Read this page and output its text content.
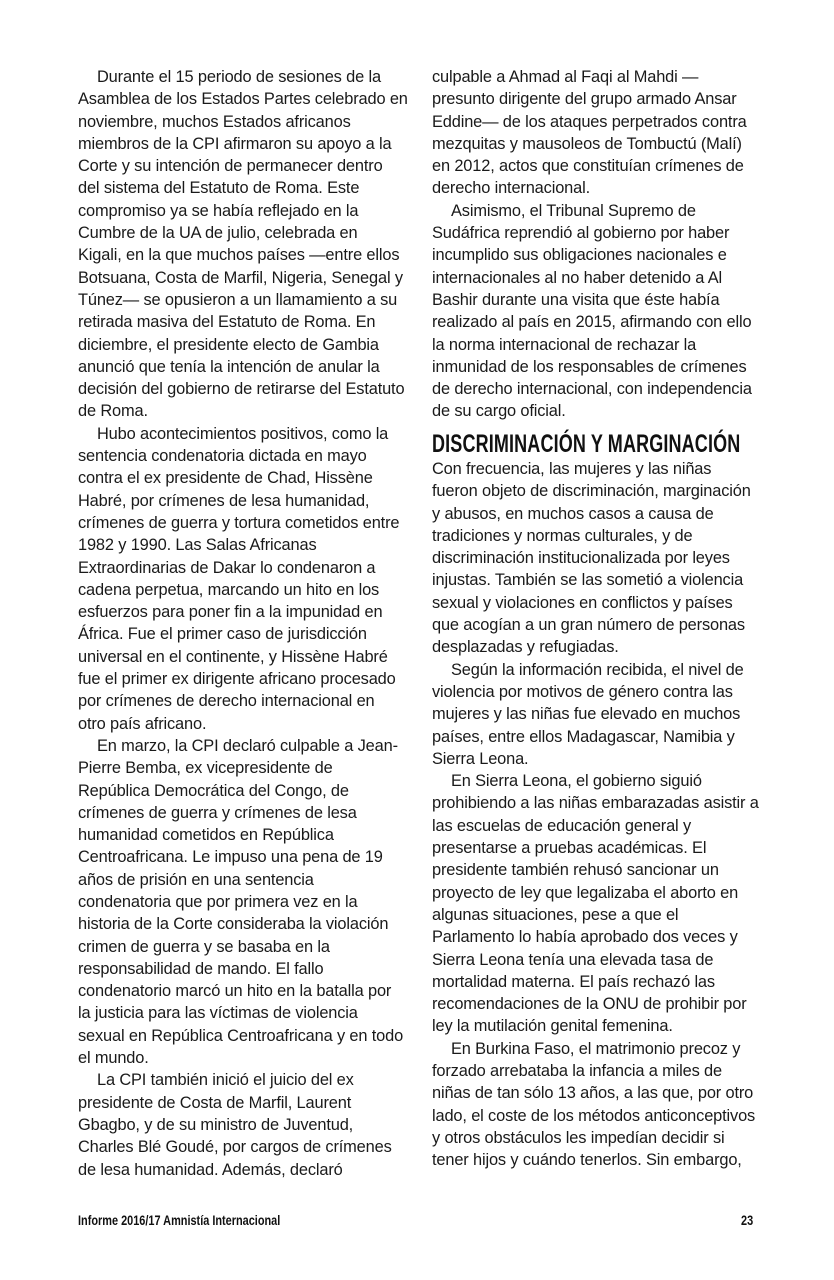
Durante el 15 periodo de sesiones de la
Asamblea de los Estados Partes celebrado en
noviembre, muchos Estados africanos
miembros de la CPI afirmaron su apoyo a la
Corte y su intención de permanecer dentro
del sistema del Estatuto de Roma. Este
compromiso ya se había reflejado en la
Cumbre de la UA de julio, celebrada en
Kigali, en la que muchos países —entre ellos
Botsuana, Costa de Marfil, Nigeria, Senegal y
Túnez— se opusieron a un llamamiento a su
retirada masiva del Estatuto de Roma. En
diciembre, el presidente electo de Gambia
anunció que tenía la intención de anular la
decisión del gobierno de retirarse del Estatuto
de Roma.
Hubo acontecimientos positivos, como la
sentencia condenatoria dictada en mayo
contra el ex presidente de Chad, Hissène
Habré, por crímenes de lesa humanidad,
crímenes de guerra y tortura cometidos entre
1982 y 1990. Las Salas Africanas
Extraordinarias de Dakar lo condenaron a
cadena perpetua, marcando un hito en los
esfuerzos para poner fin a la impunidad en
África. Fue el primer caso de jurisdicción
universal en el continente, y Hissène Habré
fue el primer ex dirigente africano procesado
por crímenes de derecho internacional en
otro país africano.
En marzo, la CPI declaró culpable a Jean-
Pierre Bemba, ex vicepresidente de
República Democrática del Congo, de
crímenes de guerra y crímenes de lesa
humanidad cometidos en República
Centroafricana. Le impuso una pena de 19
años de prisión en una sentencia
condenatoria que por primera vez en la
historia de la Corte consideraba la violación
crimen de guerra y se basaba en la
responsabilidad de mando. El fallo
condenatorio marcó un hito en la batalla por
la justicia para las víctimas de violencia
sexual en República Centroafricana y en todo
el mundo.
La CPI también inició el juicio del ex
presidente de Costa de Marfil, Laurent
Gbagbo, y de su ministro de Juventud,
Charles Blé Goudé, por cargos de crímenes
de lesa humanidad. Además, declaró
culpable a Ahmad al Faqi al Mahdi —
presunto dirigente del grupo armado Ansar
Eddine— de los ataques perpetrados contra
mezquitas y mausoleos de Tombuctú (Malí)
en 2012, actos que constituían crímenes de
derecho internacional.
Asimismo, el Tribunal Supremo de
Sudáfrica reprendió al gobierno por haber
incumplido sus obligaciones nacionales e
internacionales al no haber detenido a Al
Bashir durante una visita que éste había
realizado al país en 2015, afirmando con ello
la norma internacional de rechazar la
inmunidad de los responsables de crímenes
de derecho internacional, con independencia
de su cargo oficial.
DISCRIMINACIÓN Y MARGINACIÓN
Con frecuencia, las mujeres y las niñas
fueron objeto de discriminación, marginación
y abusos, en muchos casos a causa de
tradiciones y normas culturales, y de
discriminación institucionalizada por leyes
injustas. También se las sometió a violencia
sexual y violaciones en conflictos y países
que acogían a un gran número de personas
desplazadas y refugiadas.
Según la información recibida, el nivel de
violencia por motivos de género contra las
mujeres y las niñas fue elevado en muchos
países, entre ellos Madagascar, Namibia y
Sierra Leona.
En Sierra Leona, el gobierno siguió
prohibiendo a las niñas embarazadas asistir a
las escuelas de educación general y
presentarse a pruebas académicas. El
presidente también rehusó sancionar un
proyecto de ley que legalizaba el aborto en
algunas situaciones, pese a que el
Parlamento lo había aprobado dos veces y
Sierra Leona tenía una elevada tasa de
mortalidad materna. El país rechazó las
recomendaciones de la ONU de prohibir por
ley la mutilación genital femenina.
En Burkina Faso, el matrimonio precoz y
forzado arrebataba la infancia a miles de
niñas de tan sólo 13 años, a las que, por otro
lado, el coste de los métodos anticonceptivos
y otros obstáculos les impedían decidir si
tener hijos y cuándo tenerlos. Sin embargo,
Informe 2016/17 Amnistía Internacional	23
